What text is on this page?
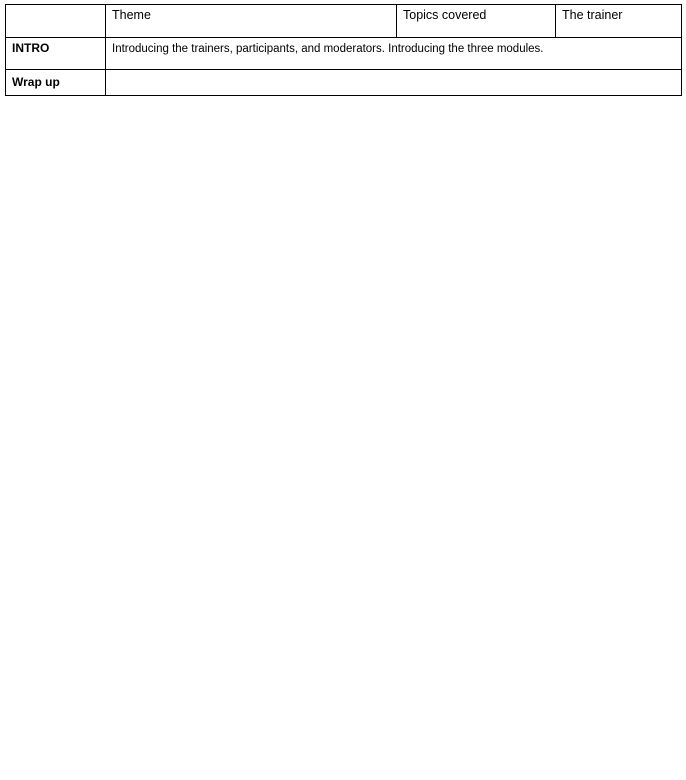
	Theme	Topics covered	The trainer
INTRO	Introducing the trainers, participants, and moderators. Introducing the three modules.		
Wrap up	
